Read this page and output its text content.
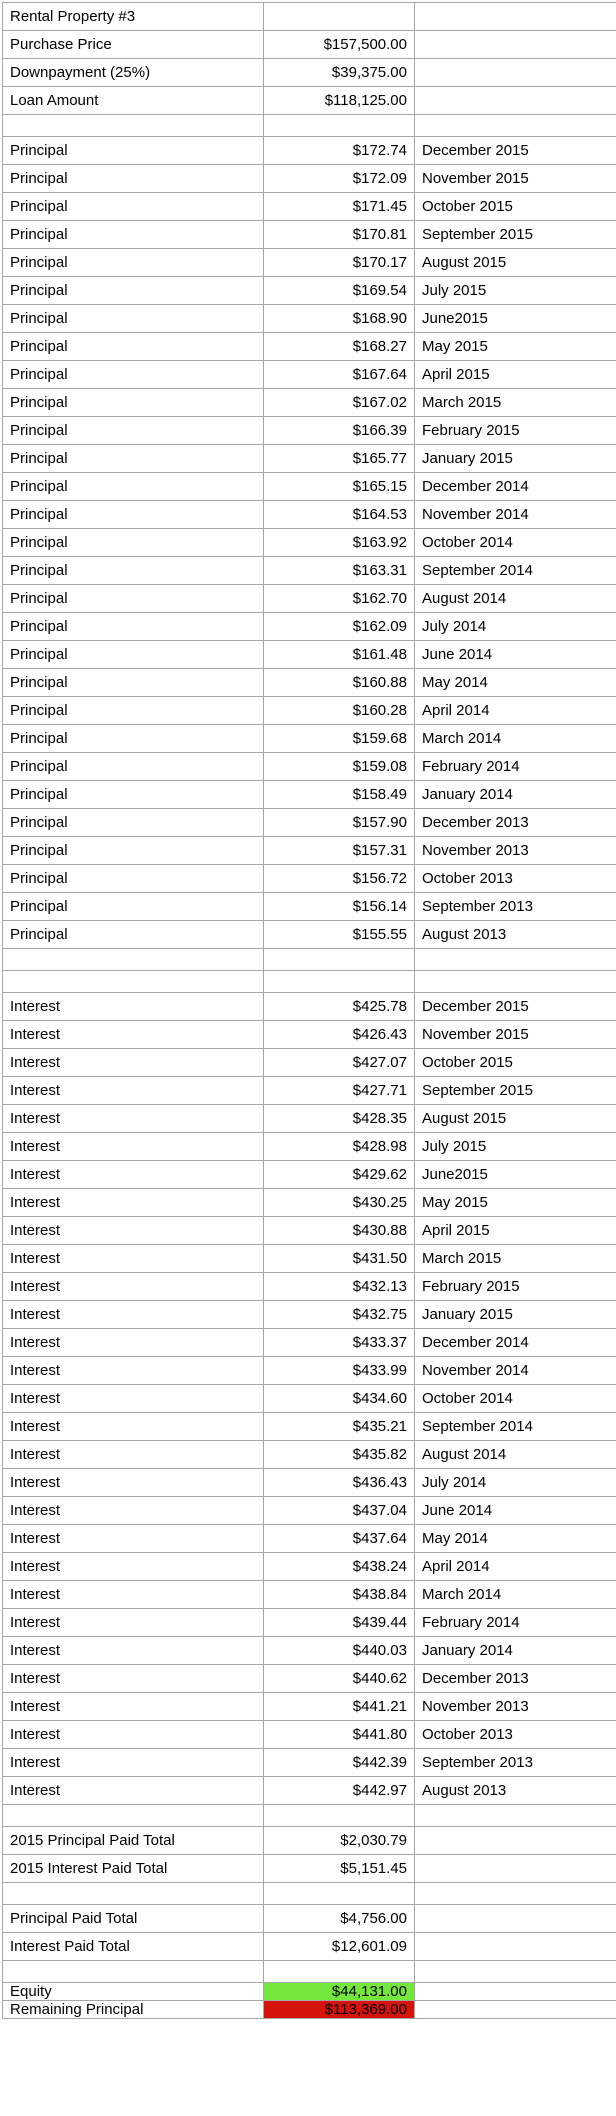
Rental Property #3		
Purchase Price	$157,500.00	
Downpayment (25%)	$39,375.00	
Loan Amount	$118,125.00	

Principal	$172.74	December 2015
Principal	$172.09	November 2015
Principal	$171.45	October 2015
Principal	$170.81	September 2015
Principal	$170.17	August 2015
Principal	$169.54	July 2015
Principal	$168.90	June2015
Principal	$168.27	May 2015
Principal	$167.64	April 2015
Principal	$167.02	March 2015
Principal	$166.39	February 2015
Principal	$165.77	January 2015
Principal	$165.15	December 2014
Principal	$164.53	November 2014
Principal	$163.92	October 2014
Principal	$163.31	September 2014
Principal	$162.70	August 2014
Principal	$162.09	July 2014
Principal	$161.48	June 2014
Principal	$160.88	May 2014
Principal	$160.28	April 2014
Principal	$159.68	March 2014
Principal	$159.08	February 2014
Principal	$158.49	January 2014
Principal	$157.90	December 2013
Principal	$157.31	November 2013
Principal	$156.72	October 2013
Principal	$156.14	September 2013
Principal	$155.55	August 2013

Interest	$425.78	December 2015
Interest	$426.43	November 2015
Interest	$427.07	October 2015
Interest	$427.71	September 2015
Interest	$428.35	August 2015
Interest	$428.98	July 2015
Interest	$429.62	June2015
Interest	$430.25	May 2015
Interest	$430.88	April 2015
Interest	$431.50	March 2015
Interest	$432.13	February 2015
Interest	$432.75	January 2015
Interest	$433.37	December 2014
Interest	$433.99	November 2014
Interest	$434.60	October 2014
Interest	$435.21	September 2014
Interest	$435.82	August 2014
Interest	$436.43	July 2014
Interest	$437.04	June 2014
Interest	$437.64	May 2014
Interest	$438.24	April 2014
Interest	$438.84	March 2014
Interest	$439.44	February 2014
Interest	$440.03	January 2014
Interest	$440.62	December 2013
Interest	$441.21	November 2013
Interest	$441.80	October 2013
Interest	$442.39	September 2013
Interest	$442.97	August 2013

2015 Principal Paid Total	$2,030.79	
2015 Interest Paid Total	$5,151.45	

Principal Paid Total	$4,756.00	
Interest Paid Total	$12,601.09	

Equity	$44,131.00	
Remaining Principal	$113,369.00	
